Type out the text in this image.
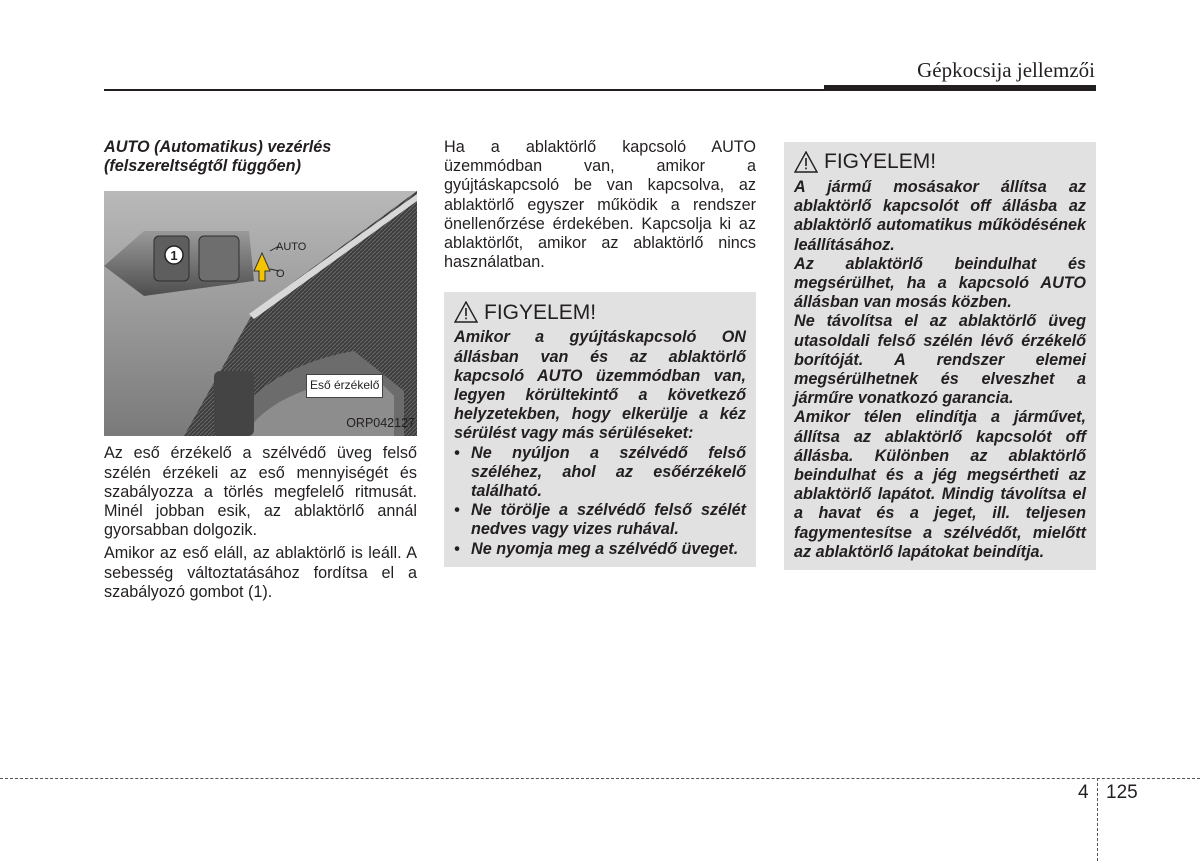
Gépkocsija jellemzői
AUTO (Automatikus) vezérlés
(felszereltségtől függően)
1
AUTO
O
Eső érzékelő
ORP042127

Az eső érzékelő a szélvédő üveg felső szélén érzékeli az eső mennyiségét és szabályozza a törlés megfelelő ritmusát. Minél jobban esik, az ablaktörlő annál gyorsabban dolgozik.

Amikor az eső eláll, az ablaktörlő is leáll. A sebesség változtatásához fordítsa el a szabályozó gombot (1).

Ha a ablaktörlő kapcsoló AUTO üzemmódban van, amikor a gyújtáskapcsoló be van kapcsolva, az ablaktörlő egyszer működik a rendszer önellenőrzése érdekében. Kapcsolja ki az ablaktörlőt, amikor az ablaktörlő nincs használatban.

FIGYELEM!

Amikor a gyújtáskapcsoló ON állásban van és az ablaktörlő kapcsoló AUTO üzemmódban van, legyen körültekintő a következő helyzetekben, hogy elkerülje a kéz sérülést vagy más sérüléseket:

• Ne nyúljon a szélvédő felső széléhez, ahol az esőérzékelő található.
• Ne törölje a szélvédő felső szélét nedves vagy vizes ruhával.
• Ne nyomja meg a szélvédő üveget.
FIGYELEM!

A jármű mosásakor állítsa az ablaktörlő kapcsolót off állásba az ablaktörlő automatikus működésének leállításához.

Az ablaktörlő beindulhat és megsérülhet, ha a kapcsoló AUTO állásban van mosás közben.

Ne távolítsa el az ablaktörlő üveg utasoldali felső szélén lévő érzékelő borítóját. A rendszer elemei megsérülhetnek és elveszhet a járműre vonatkozó garancia.

Amikor télen elindítja a járművet, állítsa az ablaktörlő kapcsolót off állásba. Különben az ablaktörlő beindulhat és a jég megsértheti az ablaktörlő lapátot. Mindig távolítsa el a havat és a jeget, ill. teljesen fagymentesítse a szélvédőt, mielőtt az ablaktörlő lapátokat beindítja.

4 125
